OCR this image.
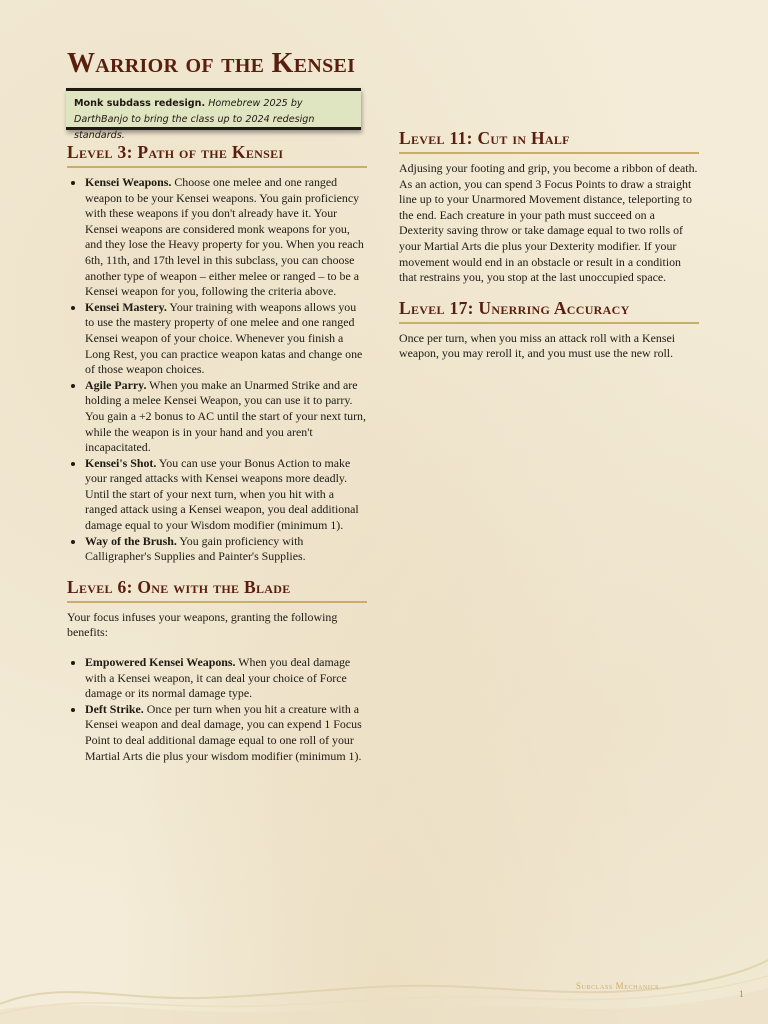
Warrior of the Kensei
Monk subdass redesign. Homebrew 2025 by DarthBanjo to bring the class up to 2024 redesign standards.
Level 3: Path of the Kensei
• Kensei Weapons. Choose one melee and one ranged weapon to be your Kensei weapons. You gain proficiency with these weapons if you don't already have it. Your Kensei weapons are considered monk weapons for you, and they lose the Heavy property for you. When you reach 6th, 11th, and 17th level in this subclass, you can choose another type of weapon – either melee or ranged – to be a Kensei weapon for you, following the criteria above.
• Kensei Mastery. Your training with weapons allows you to use the mastery property of one melee and one ranged Kensei weapon of your choice. Whenever you finish a Long Rest, you can practice weapon katas and change one of those weapon choices.
• Agile Parry. When you make an Unarmed Strike and are holding a melee Kensei Weapon, you can use it to parry. You gain a +2 bonus to AC until the start of your next turn, while the weapon is in your hand and you aren't incapacitated.
• Kensei's Shot. You can use your Bonus Action to make your ranged attacks with Kensei weapons more deadly. Until the start of your next turn, when you hit with a ranged attack using a Kensei weapon, you deal additional damage equal to your Wisdom modifier (minimum 1).
• Way of the Brush. You gain proficiency with Calligrapher's Supplies and Painter's Supplies.
Level 6: One with the Blade

Your focus infuses your weapons, granting the following benefits:

• Empowered Kensei Weapons. When you deal damage with a Kensei weapon, it can deal your choice of Force damage or its normal damage type.
• Deft Strike. Once per turn when you hit a creature with a Kensei weapon and deal damage, you can expend 1 Focus Point to deal additional damage equal to one roll of your Martial Arts die plus your wisdom modifier (minimum 1).
Level 11: Cut in Half

Adjusing your footing and grip, you become a ribbon of death. As an action, you can spend 3 Focus Points to draw a straight line up to your Unarmored Movement distance, teleporting to the end. Each creature in your path must succeed on a Dexterity saving throw or take damage equal to two rolls of your Martial Arts die plus your Dexterity modifier. If your movement would end in an obstacle or result in a condition that restrains you, you stop at the last unoccupied space.

Level 17: Unerring Accuracy

Once per turn, when you miss an attack roll with a Kensei weapon, you may reroll it, and you must use the new roll.

Subclass Mechanics
1
